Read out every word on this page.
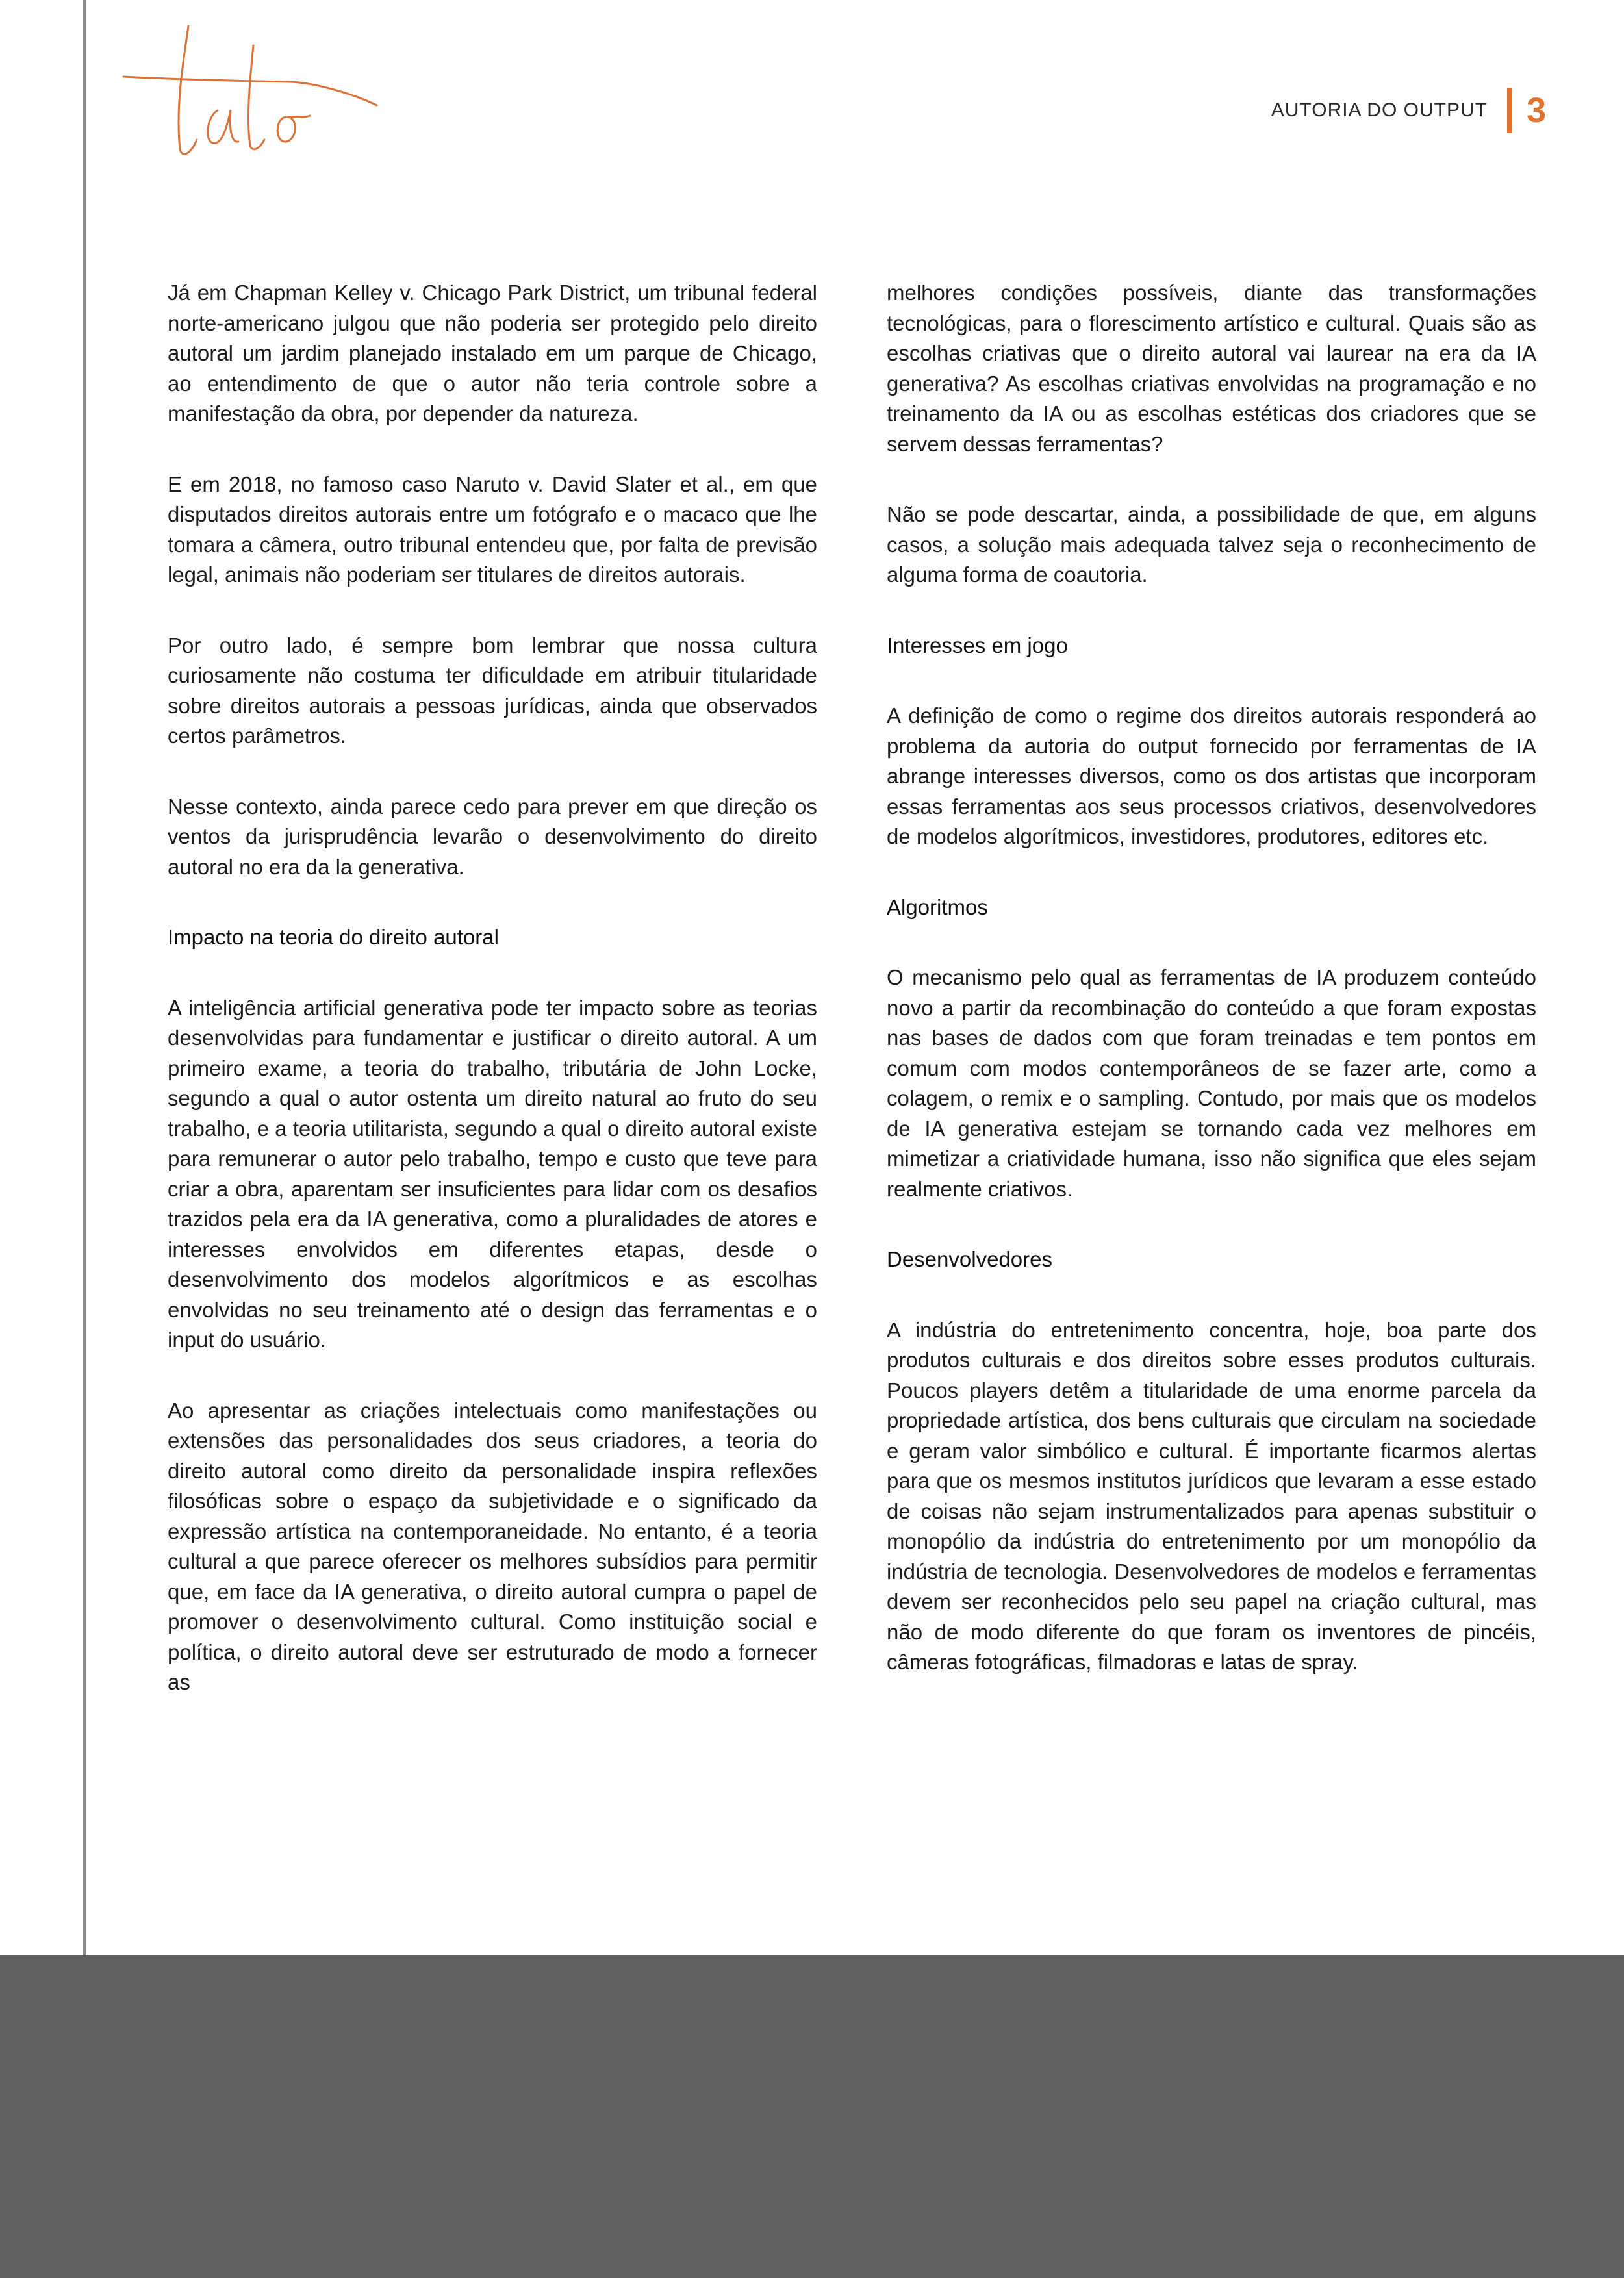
AUTORIA DO OUTPUT 3

Já em Chapman Kelley v. Chicago Park District, um tribunal federal norte-americano julgou que não poderia ser protegido pelo direito autoral um jardim planejado instalado em um parque de Chicago, ao entendimento de que o autor não teria controle sobre a manifestação da obra, por depender da natureza.

E em 2018, no famoso caso Naruto v. David Slater et al., em que disputados direitos autorais entre um fotógrafo e o macaco que lhe tomara a câmera, outro tribunal entendeu que, por falta de previsão legal, animais não poderiam ser titulares de direitos autorais.

Por outro lado, é sempre bom lembrar que nossa cultura curiosamente não costuma ter dificuldade em atribuir titularidade sobre direitos autorais a pessoas jurídicas, ainda que observados certos parâmetros.

Nesse contexto, ainda parece cedo para prever em que direção os ventos da jurisprudência levarão o desenvolvimento do direito autoral no era da la generativa.

Impacto na teoria do direito autoral

A inteligência artificial generativa pode ter impacto sobre as teorias desenvolvidas para fundamentar e justificar o direito autoral. A um primeiro exame, a teoria do trabalho, tributária de John Locke, segundo a qual o autor ostenta um direito natural ao fruto do seu trabalho, e a teoria utilitarista, segundo a qual o direito autoral existe para remunerar o autor pelo trabalho, tempo e custo que teve para criar a obra, aparentam ser insuficientes para lidar com os desafios trazidos pela era da IA generativa, como a pluralidades de atores e interesses envolvidos em diferentes etapas, desde o desenvolvimento dos modelos algorítmicos e as escolhas envolvidas no seu treinamento até o design das ferramentas e o input do usuário.

Ao apresentar as criações intelectuais como manifestações ou extensões das personalidades dos seus criadores, a teoria do direito autoral como direito da personalidade inspira reflexões filosóficas sobre o espaço da subjetividade e o significado da expressão artística na contemporaneidade. No entanto, é a teoria cultural a que parece oferecer os melhores subsídios para permitir que, em face da IA generativa, o direito autoral cumpra o papel de promover o desenvolvimento cultural. Como instituição social e política, o direito autoral deve ser estruturado de modo a fornecer as

melhores condições possíveis, diante das transformações tecnológicas, para o florescimento artístico e cultural. Quais são as escolhas criativas que o direito autoral vai laurear na era da IA generativa? As escolhas criativas envolvidas na programação e no treinamento da IA ou as escolhas estéticas dos criadores que se servem dessas ferramentas?

Não se pode descartar, ainda, a possibilidade de que, em alguns casos, a solução mais adequada talvez seja o reconhecimento de alguma forma de coautoria.

Interesses em jogo

A definição de como o regime dos direitos autorais responderá ao problema da autoria do output fornecido por ferramentas de IA abrange interesses diversos, como os dos artistas que incorporam essas ferramentas aos seus processos criativos, desenvolvedores de modelos algorítmicos, investidores, produtores, editores etc.

Algoritmos

O mecanismo pelo qual as ferramentas de IA produzem conteúdo novo a partir da recombinação do conteúdo a que foram expostas nas bases de dados com que foram treinadas e tem pontos em comum com modos contemporâneos de se fazer arte, como a colagem, o remix e o sampling. Contudo, por mais que os modelos de IA generativa estejam se tornando cada vez melhores em mimetizar a criatividade humana, isso não significa que eles sejam realmente criativos.

Desenvolvedores

A indústria do entretenimento concentra, hoje, boa parte dos produtos culturais e dos direitos sobre esses produtos culturais. Poucos players detêm a titularidade de uma enorme parcela da propriedade artística, dos bens culturais que circulam na sociedade e geram valor simbólico e cultural. É importante ficarmos alertas para que os mesmos institutos jurídicos que levaram a esse estado de coisas não sejam instrumentalizados para apenas substituir o monopólio da indústria do entretenimento por um monopólio da indústria de tecnologia. Desenvolvedores de modelos e ferramentas devem ser reconhecidos pelo seu papel na criação cultural, mas não de modo diferente do que foram os inventores de pincéis, câmeras fotográficas, filmadoras e latas de spray.
